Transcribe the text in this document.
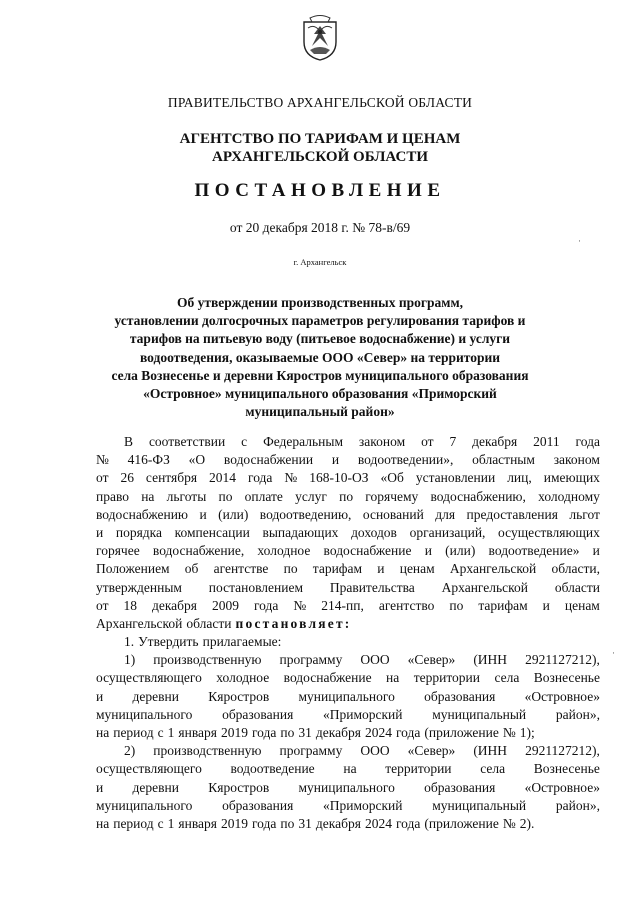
ПРАВИТЕЛЬСТВО АРХАНГЕЛЬСКОЙ ОБЛАСТИ
АГЕНТСТВО ПО ТАРИФАМ И ЦЕНАМ
АРХАНГЕЛЬСКОЙ ОБЛАСТИ
ПОСТАНОВЛЕНИЕ
от 20 декабря 2018 г. № 78-в/69
г. Архангельск
Об утверждении производственных программ,
установлении долгосрочных параметров регулирования тарифов и
тарифов на питьевую воду (питьевое водоснабжение) и услуги
водоотведения, оказываемые ООО «Север» на территории
села Вознесенье и деревни Кяростров муниципального образования
«Островное» муниципального образования «Приморский
муниципальный район»
В соответствии с Федеральным законом от 7 декабря 2011 года
№ 416-ФЗ «О водоснабжении и водоотведении», областным законом
от 26 сентября 2014 года № 168-10-ОЗ «Об установлении лиц, имеющих
право на льготы по оплате услуг по горячему водоснабжению, холодному
водоснабжению и (или) водоотведению, оснований для предоставления льгот
и порядка компенсации выпадающих доходов организаций, осуществляющих
горячее водоснабжение, холодное водоснабжение и (или) водоотведение» и
Положением об агентстве по тарифам и ценам Архангельской области,
утвержденным постановлением Правительства Архангельской области
от 18 декабря 2009 года № 214-пп, агентство по тарифам и ценам
Архангельской области постановляет:
1. Утвердить прилагаемые:
1) производственную программу ООО «Север» (ИНН 2921127212),
осуществляющего холодное водоснабжение на территории села Вознесенье
и деревни Кяростров муниципального образования «Островное»
муниципального образования «Приморский муниципальный район»,
на период с 1 января 2019 года по 31 декабря 2024 года (приложение № 1);
2) производственную программу ООО «Север» (ИНН 2921127212),
осуществляющего водоотведение на территории села Вознесенье
и деревни Кяростров муниципального образования «Островное»
муниципального образования «Приморский муниципальный район»,
на период с 1 января 2019 года по 31 декабря 2024 года (приложение № 2).
·
·
